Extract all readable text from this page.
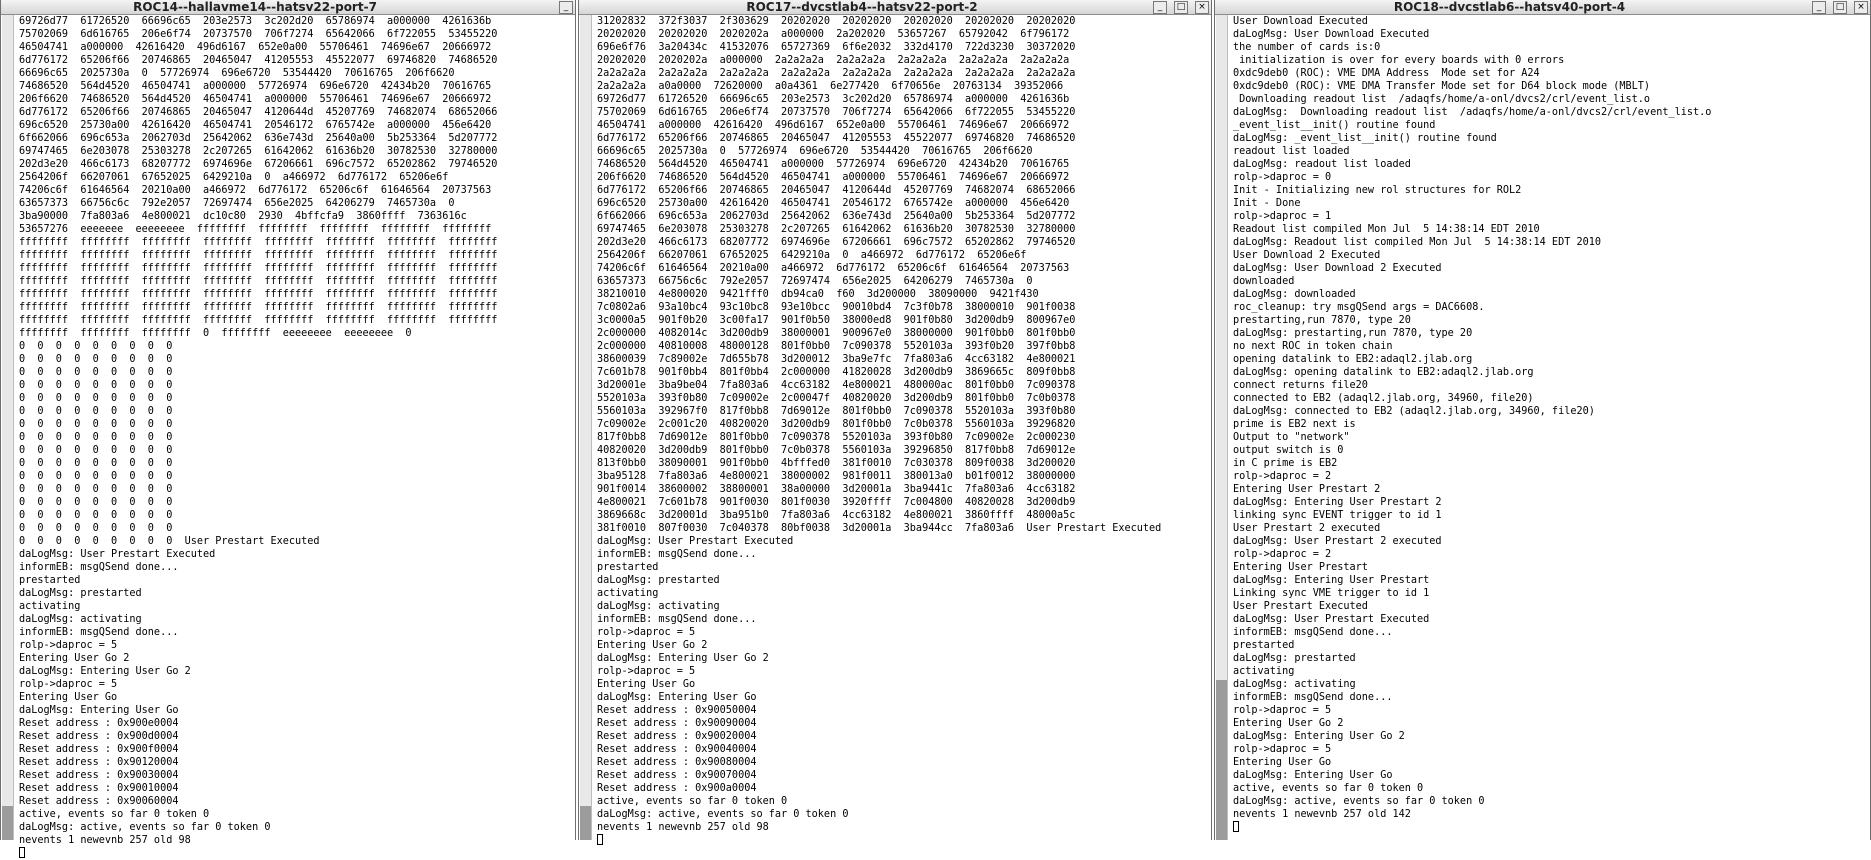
ROC14--hallavme14--hatsv22-port-7	_
69726d77  61726520  66696c65  203e2573  3c202d20  65786974  a000000  4261636b
75702069  6d616765  206e6f74  20737570  706f7274  65642066  6f722055  53455220
46504741  a000000  42616420  496d6167  652e0a00  55706461  74696e67  20666972
6d776172  65206f66  20746865  20465047  41205553  45522077  69746820  74686520
66696c65  2025730a  0  57726974  696e6720  53544420  70616765  206f6620
74686520  564d4520  46504741  a000000  57726974  696e6720  42434b20  70616765
206f6620  74686520  564d4520  46504741  a000000  55706461  74696e67  20666972
6d776172  65206f66  20746865  20465047  4120644d  45207769  74682074  68652066
696c6520  25730a00  42616420  46504741  20546172  6765742e  a000000  456e6420
6f662066  696c653a  2062703d  25642062  636e743d  25640a00  5b253364  5d207772
69747465  6e203078  25303278  2c207265  61642062  61636b20  30782530  32780000
202d3e20  466c6173  68207772  6974696e  67206661  696c7572  65202862  79746520
2564206f  66207061  67652025  6429210a  0  a466972  6d776172  65206e6f
74206c6f  61646564  20210a00  a466972  6d776172  65206c6f  61646564  20737563
63657373  66756c6c  792e2057  72697474  656e2025  64206279  7465730a  0
3ba90000  7fa803a6  4e800021  dc10c80  2930  4bffcfa9  3860ffff  7363616c
53657276  eeeeeee  eeeeeeee  ffffffff  ffffffff  ffffffff  ffffffff  ffffffff
ffffffff  ffffffff  ffffffff  ffffffff  ffffffff  ffffffff  ffffffff  ffffffff
ffffffff  ffffffff  ffffffff  ffffffff  ffffffff  ffffffff  ffffffff  ffffffff
ffffffff  ffffffff  ffffffff  ffffffff  ffffffff  ffffffff  ffffffff  ffffffff
ffffffff  ffffffff  ffffffff  ffffffff  ffffffff  ffffffff  ffffffff  ffffffff
ffffffff  ffffffff  ffffffff  ffffffff  ffffffff  ffffffff  ffffffff  ffffffff
ffffffff  ffffffff  ffffffff  ffffffff  ffffffff  ffffffff  ffffffff  ffffffff
ffffffff  ffffffff  ffffffff  ffffffff  ffffffff  ffffffff  ffffffff  ffffffff
ffffffff  ffffffff  ffffffff  0  ffffffff  eeeeeeee  eeeeeeee  0
0  0  0  0  0  0  0  0  0
0  0  0  0  0  0  0  0  0
0  0  0  0  0  0  0  0  0
0  0  0  0  0  0  0  0  0
0  0  0  0  0  0  0  0  0
0  0  0  0  0  0  0  0  0
0  0  0  0  0  0  0  0  0
0  0  0  0  0  0  0  0  0
0  0  0  0  0  0  0  0  0
0  0  0  0  0  0  0  0  0
0  0  0  0  0  0  0  0  0
0  0  0  0  0  0  0  0  0
0  0  0  0  0  0  0  0  0
0  0  0  0  0  0  0  0  0
0  0  0  0  0  0  0  0  0
0  0  0  0  0  0  0  0  0  User Prestart Executed
daLogMsg: User Prestart Executed
informEB: msgQSend done...
prestarted
daLogMsg: prestarted
activating
daLogMsg: activating
informEB: msgQSend done...
rolp->daproc = 5
Entering User Go 2
daLogMsg: Entering User Go 2
rolp->daproc = 5
Entering User Go
daLogMsg: Entering User Go
Reset address : 0x900e0004
Reset address : 0x900d0004
Reset address : 0x900f0004
Reset address : 0x90120004
Reset address : 0x90030004
Reset address : 0x90010004
Reset address : 0x90060004
active, events so far 0 token 0
daLogMsg: active, events so far 0 token 0
nevents 1 newevnb 257 old 98
ROC17--dvcstlab4--hatsv22-port-2	_	□	×
31202832  372f3037  2f303629  20202020  20202020  20202020  20202020  20202020
20202020  20202020  2020202a  a000000  2a202020  53657267  65792042  6f796172
696e6f76  3a20434c  41532076  65727369  6f6e2032  332d4170  722d3230  30372020
20202020  2020202a  a000000  2a2a2a2a  2a2a2a2a  2a2a2a2a  2a2a2a2a  2a2a2a2a
2a2a2a2a  2a2a2a2a  2a2a2a2a  2a2a2a2a  2a2a2a2a  2a2a2a2a  2a2a2a2a  2a2a2a2a
2a2a2a2a  a0a0000  72620000  a0a4361  6e277420  6f70656e  20763134  39352066
69726d77  61726520  66696c65  203e2573  3c202d20  65786974  a000000  4261636b
75702069  6d616765  206e6f74  20737570  706f7274  65642066  6f722055  53455220
46504741  a000000  42616420  496d6167  652e0a00  55706461  74696e67  20666972
6d776172  65206f66  20746865  20465047  41205553  45522077  69746820  74686520
66696c65  2025730a  0  57726974  696e6720  53544420  70616765  206f6620
74686520  564d4520  46504741  a000000  57726974  696e6720  42434b20  70616765
206f6620  74686520  564d4520  46504741  a000000  55706461  74696e67  20666972
6d776172  65206f66  20746865  20465047  4120644d  45207769  74682074  68652066
696c6520  25730a00  42616420  46504741  20546172  6765742e  a000000  456e6420
6f662066  696c653a  2062703d  25642062  636e743d  25640a00  5b253364  5d207772
69747465  6e203078  25303278  2c207265  61642062  61636b20  30782530  32780000
202d3e20  466c6173  68207772  6974696e  67206661  696c7572  65202862  79746520
2564206f  66207061  67652025  6429210a  0  a466972  6d776172  65206e6f
74206c6f  61646564  20210a00  a466972  6d776172  65206c6f  61646564  20737563
63657373  66756c6c  792e2057  72697474  656e2025  64206279  7465730a  0
38210010  4e800020  9421fff0  db94ca0  f60  3d200000  38090000  9421f430
7c0802a6  93a10bc4  93c10bc8  93e10bcc  90010bd4  7c3f0b78  38000010  901f0038
3c0000a5  901f0b20  3c00fa17  901f0b50  38000ed8  901f0b80  3d200db9  800967e0
2c000000  4082014c  3d200db9  38000001  900967e0  38000000  901f0bb0  801f0bb0
2c000000  40810008  48000128  801f0bb0  7c090378  5520103a  393f0b20  397f0bb8
38600039  7c89002e  7d655b78  3d200012  3ba9e7fc  7fa803a6  4cc63182  4e800021
7c601b78  901f0bb4  801f0bb4  2c000000  41820028  3d200db9  3869665c  809f0bb8
3d20001e  3ba9be04  7fa803a6  4cc63182  4e800021  480000ac  801f0bb0  7c090378
5520103a  393f0b80  7c09002e  2c00047f  40820020  3d200db9  801f0bb0  7c0b0378
5560103a  392967f0  817f0bb8  7d69012e  801f0bb0  7c090378  5520103a  393f0b80
7c09002e  2c001c20  40820020  3d200db9  801f0bb0  7c0b0378  5560103a  39296820
817f0bb8  7d69012e  801f0bb0  7c090378  5520103a  393f0b80  7c09002e  2c000230
40820020  3d200db9  801f0bb0  7c0b0378  5560103a  39296850  817f0bb8  7d69012e
813f0bb0  38090001  901f0bb0  4bfffed0  381f0010  7c030378  809f0038  3d200020
3ba95128  7fa803a6  4e800021  38000002  981f0011  380013a0  b01f0012  38000000
901f0014  38600002  38800001  38a00000  3d20001a  3ba9441c  7fa803a6  4cc63182
4e800021  7c601b78  901f0030  801f0030  3920ffff  7c004800  40820028  3d200db9
3869668c  3d20001d  3ba951b0  7fa803a6  4cc63182  4e800021  3860ffff  48000a5c
381f0010  807f0030  7c040378  80bf0038  3d20001a  3ba944cc  7fa803a6  User Prestart Executed
daLogMsg: User Prestart Executed
informEB: msgQSend done...
prestarted
daLogMsg: prestarted
activating
daLogMsg: activating
informEB: msgQSend done...
rolp->daproc = 5
Entering User Go 2
daLogMsg: Entering User Go 2
rolp->daproc = 5
Entering User Go
daLogMsg: Entering User Go
Reset address : 0x90050004
Reset address : 0x90090004
Reset address : 0x90020004
Reset address : 0x90040004
Reset address : 0x90080004
Reset address : 0x90070004
Reset address : 0x900a0004
active, events so far 0 token 0
daLogMsg: active, events so far 0 token 0
nevents 1 newevnb 257 old 98
ROC18--dvcstlab6--hatsv40-port-4	_	□	×
User Download Executed
daLogMsg: User Download Executed
the number of cards is:0
initialization is over for every boards with 0 errors
0xdc9deb0 (ROC): VME DMA Address  Mode set for A24
0xdc9deb0 (ROC): VME DMA Transfer Mode set for D64 block mode (MBLT)
Downloading readout list  /adaqfs/home/a-onl/dvcs2/crl/event_list.o
daLogMsg:  Downloading readout list  /adaqfs/home/a-onl/dvcs2/crl/event_list.o
_event_list__init() routine found
daLogMsg: _event_list__init() routine found
readout list loaded
daLogMsg: readout list loaded
rolp->daproc = 0
Init - Initializing new rol structures for ROL2
Init - Done
rolp->daproc = 1
Readout list compiled Mon Jul  5 14:38:14 EDT 2010
daLogMsg: Readout list compiled Mon Jul  5 14:38:14 EDT 2010
User Download 2 Executed
daLogMsg: User Download 2 Executed
downloaded
daLogMsg: downloaded
roc_cleanup: try msgQSend args = DAC6608.
prestarting,run 7870, type 20
daLogMsg: prestarting,run 7870, type 20
no next ROC in token chain
opening datalink to EB2:adaql2.jlab.org
daLogMsg: opening datalink to EB2:adaql2.jlab.org
connect returns file20
connected to EB2 (adaql2.jlab.org, 34960, file20)
daLogMsg: connected to EB2 (adaql2.jlab.org, 34960, file20)
prime is EB2 next is
Output to "network"
output switch is 0
in C prime is EB2
rolp->daproc = 2
Entering User Prestart 2
daLogMsg: Entering User Prestart 2
linking sync EVENT trigger to id 1
User Prestart 2 executed
daLogMsg: User Prestart 2 executed
rolp->daproc = 2
Entering User Prestart
daLogMsg: Entering User Prestart
Linking sync VME trigger to id 1
User Prestart Executed
daLogMsg: User Prestart Executed
informEB: msgQSend done...
prestarted
daLogMsg: prestarted
activating
daLogMsg: activating
informEB: msgQSend done...
rolp->daproc = 5
Entering User Go 2
daLogMsg: Entering User Go 2
rolp->daproc = 5
Entering User Go
daLogMsg: Entering User Go
active, events so far 0 token 0
daLogMsg: active, events so far 0 token 0
nevents 1 newevnb 257 old 142
